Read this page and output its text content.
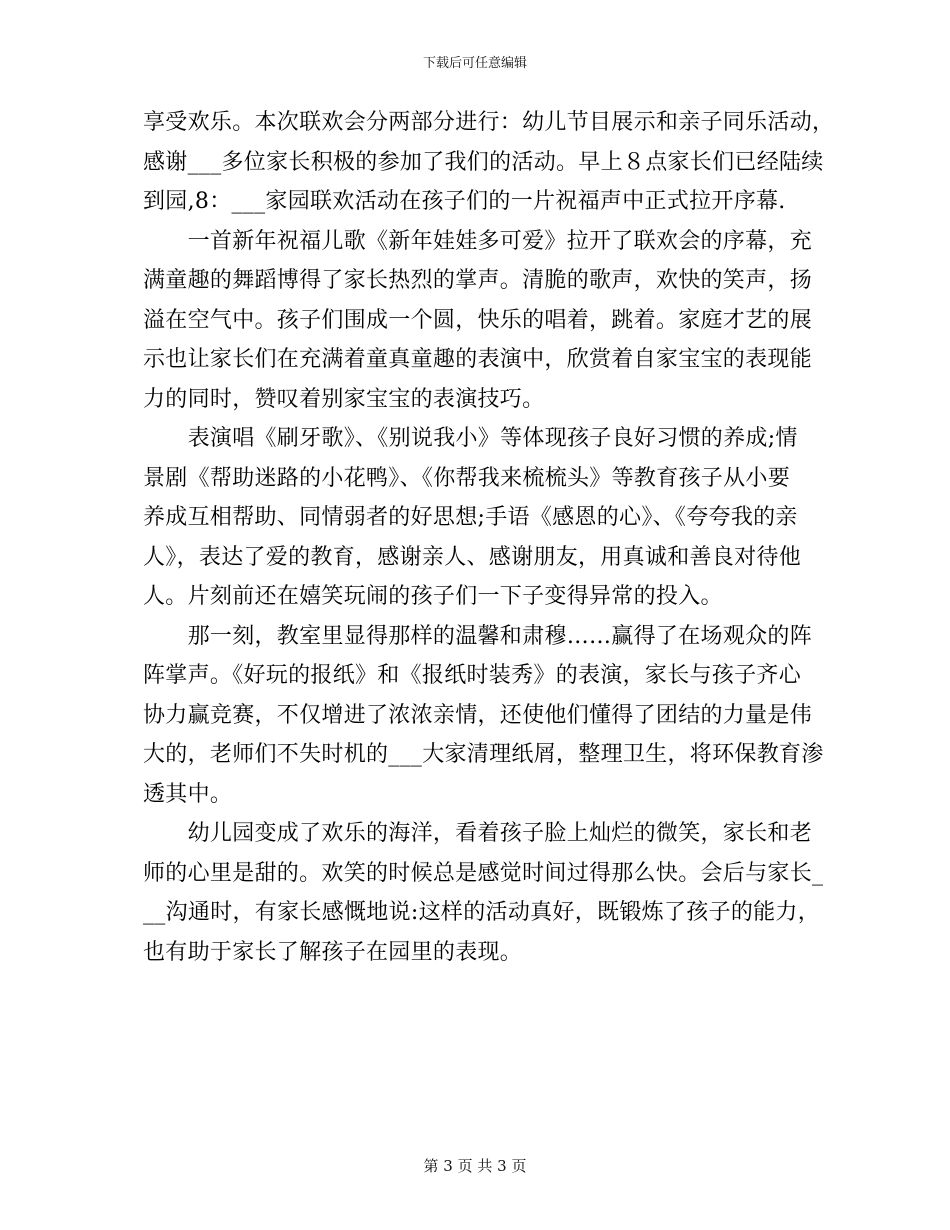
下载后可任意编辑
享受欢乐。本次联欢会分两部分进行：幼儿节目展示和亲子同乐活动，
感谢___多位家长积极的参加了我们的活动。早上８点家长们已经陆续
到园,8：___家园联欢活动在孩子们的一片祝福声中正式拉开序幕.
　　一首新年祝福儿歌《新年娃娃多可爱》拉开了联欢会的序幕，充
满童趣的舞蹈博得了家长热烈的掌声。清脆的歌声，欢快的笑声，扬
溢在空气中。孩子们围成一个圆，快乐的唱着，跳着。家庭才艺的展
示也让家长们在充满着童真童趣的表演中，欣赏着自家宝宝的表现能
力的同时，赞叹着别家宝宝的表演技巧。
　　表演唱《刷牙歌》、《别说我小》等体现孩子良好习惯的养成;情
景剧《帮助迷路的小花鸭》、《你帮我来梳梳头》等教育孩子从小要
养成互相帮助、同情弱者的好思想;手语《感恩的心》、《夸夸我的亲
人》，表达了爱的教育，感谢亲人、感谢朋友，用真诚和善良对待他
人。片刻前还在嬉笑玩闹的孩子们一下子变得异常的投入。
　　那一刻，教室里显得那样的温馨和肃穆……赢得了在场观众的阵
阵掌声。《好玩的报纸》和《报纸时装秀》的表演，家长与孩子齐心
协力赢竞赛，不仅增进了浓浓亲情，还使他们懂得了团结的力量是伟
大的，老师们不失时机的___大家清理纸屑，整理卫生，将环保教育渗
透其中。
　　幼儿园变成了欢乐的海洋，看着孩子脸上灿烂的微笑，家长和老
师的心里是甜的。欢笑的时候总是感觉时间过得那么快。会后与家长_
__沟通时，有家长感慨地说:这样的活动真好，既锻炼了孩子的能力，
也有助于家长了解孩子在园里的表现。
第 3 页 共 3 页
